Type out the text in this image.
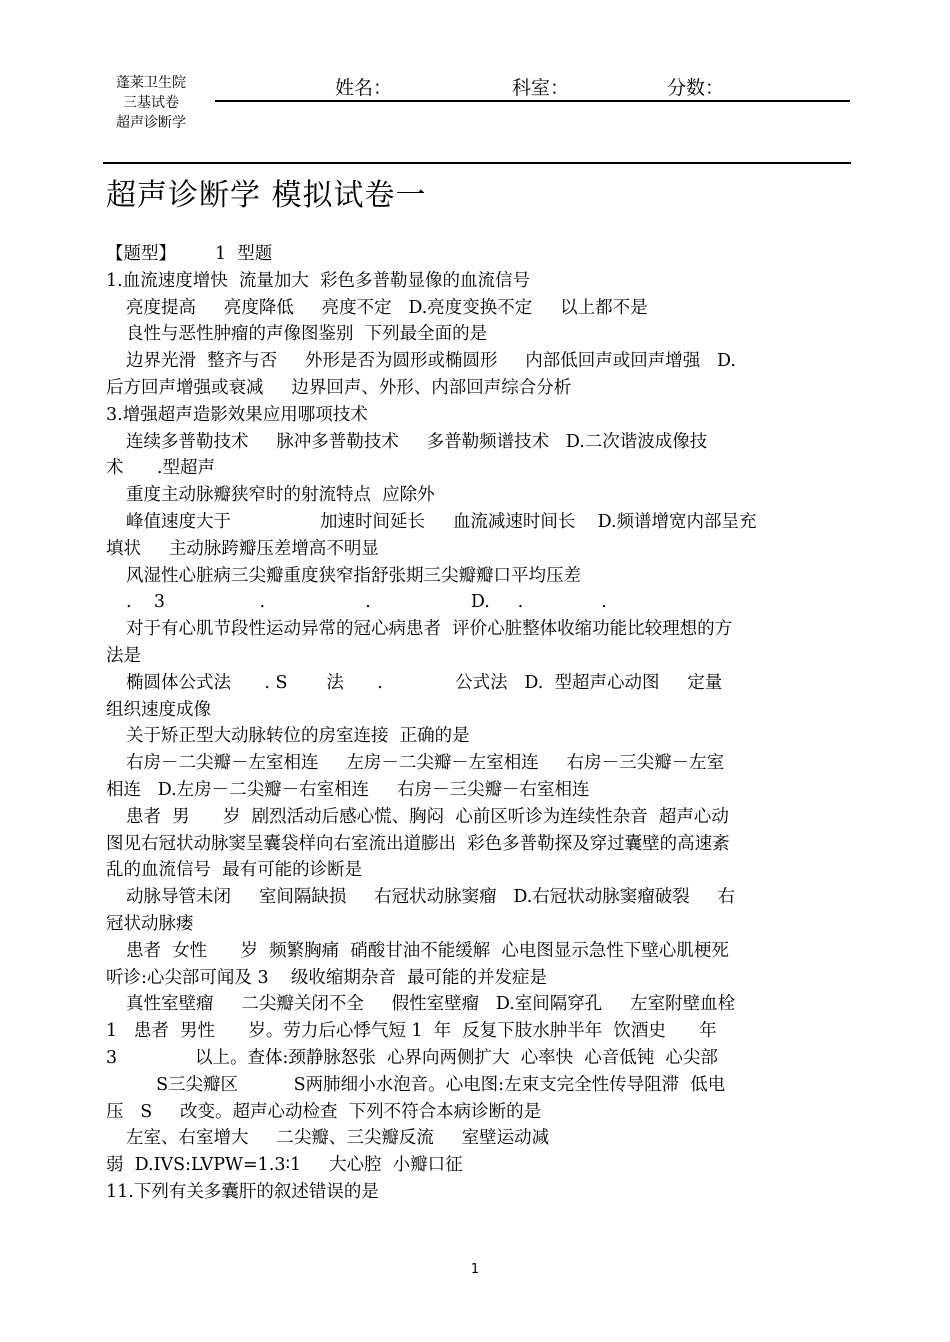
蓬莱卫生院
三基试卷
超声诊断学
姓名：	科室：	分数：
超声诊断学 模拟试卷一
【题型】       1  型题
1.血流速度增快  流量加大  彩色多普勒显像的血流信号
亮度提高     亮度降低     亮度不定   D.亮度变换不定     以上都不是
良性与恶性肿瘤的声像图鉴别  下列最全面的是
边界光滑  整齐与否     外形是否为圆形或椭圆形     内部低回声或回声增强   D.
后方回声增强或衰减     边界回声、外形、内部回声综合分析
3.增强超声造影效果应用哪项技术
连续多普勒技术     脉冲多普勒技术     多普勒频谱技术   D.二次谐波成像技
术      .型超声
重度主动脉瓣狭窄时的射流特点  应除外
峰值速度大于                加速时间延长     血流减速时间长    D.频谱增宽内部呈充
填状     主动脉跨瓣压差增高不明显
风湿性心脏病三尖瓣重度狭窄指舒张期三尖瓣瓣口平均压差
.    3                 .                  .                  D.     .              .
对于有心肌节段性运动异常的冠心病患者  评价心脏整体收缩功能比较理想的方
法是
椭圆体公式法      . S       法      .             公式法   D.  型超声心动图     定量
组织速度成像
关于矫正型大动脉转位的房室连接  正确的是
右房－二尖瓣－左室相连     左房－二尖瓣－左室相连     右房－三尖瓣－左室
相连   D.左房－二尖瓣－右室相连     右房－三尖瓣－右室相连
患者  男      岁  剧烈活动后感心慌、胸闷  心前区听诊为连续性杂音  超声心动
图见右冠状动脉窦呈囊袋样向右室流出道膨出  彩色多普勒探及穿过囊壁的高速紊
乱的血流信号  最有可能的诊断是
动脉导管未闭     室间隔缺损     右冠状动脉窦瘤   D.右冠状动脉窦瘤破裂     右
冠状动脉瘘
患者  女性      岁  频繁胸痛  硝酸甘油不能缓解  心电图显示急性下壁心肌梗死
听诊:心尖部可闻及 3    级收缩期杂音  最可能的并发症是
真性室壁瘤     二尖瓣关闭不全     假性室壁瘤   D.室间隔穿孔     左室附壁血栓
1   患者  男性      岁。劳力后心悸气短 1  年  反复下肢水肿半年  饮酒史      年
3              以上。查体:颈静脉怒张  心界向两侧扩大  心率快  心音低钝  心尖部
S三尖瓣区          S两肺细小水泡音。心电图:左束支完全性传导阻滞  低电
压   S     改变。超声心动检查  下列不符合本病诊断的是
左室、右室增大     二尖瓣、三尖瓣反流     室壁运动减
弱  D.IVS:LVPW=1.3∶1     大心腔  小瓣口征
11.下列有关多囊肝的叙述错误的是
1
